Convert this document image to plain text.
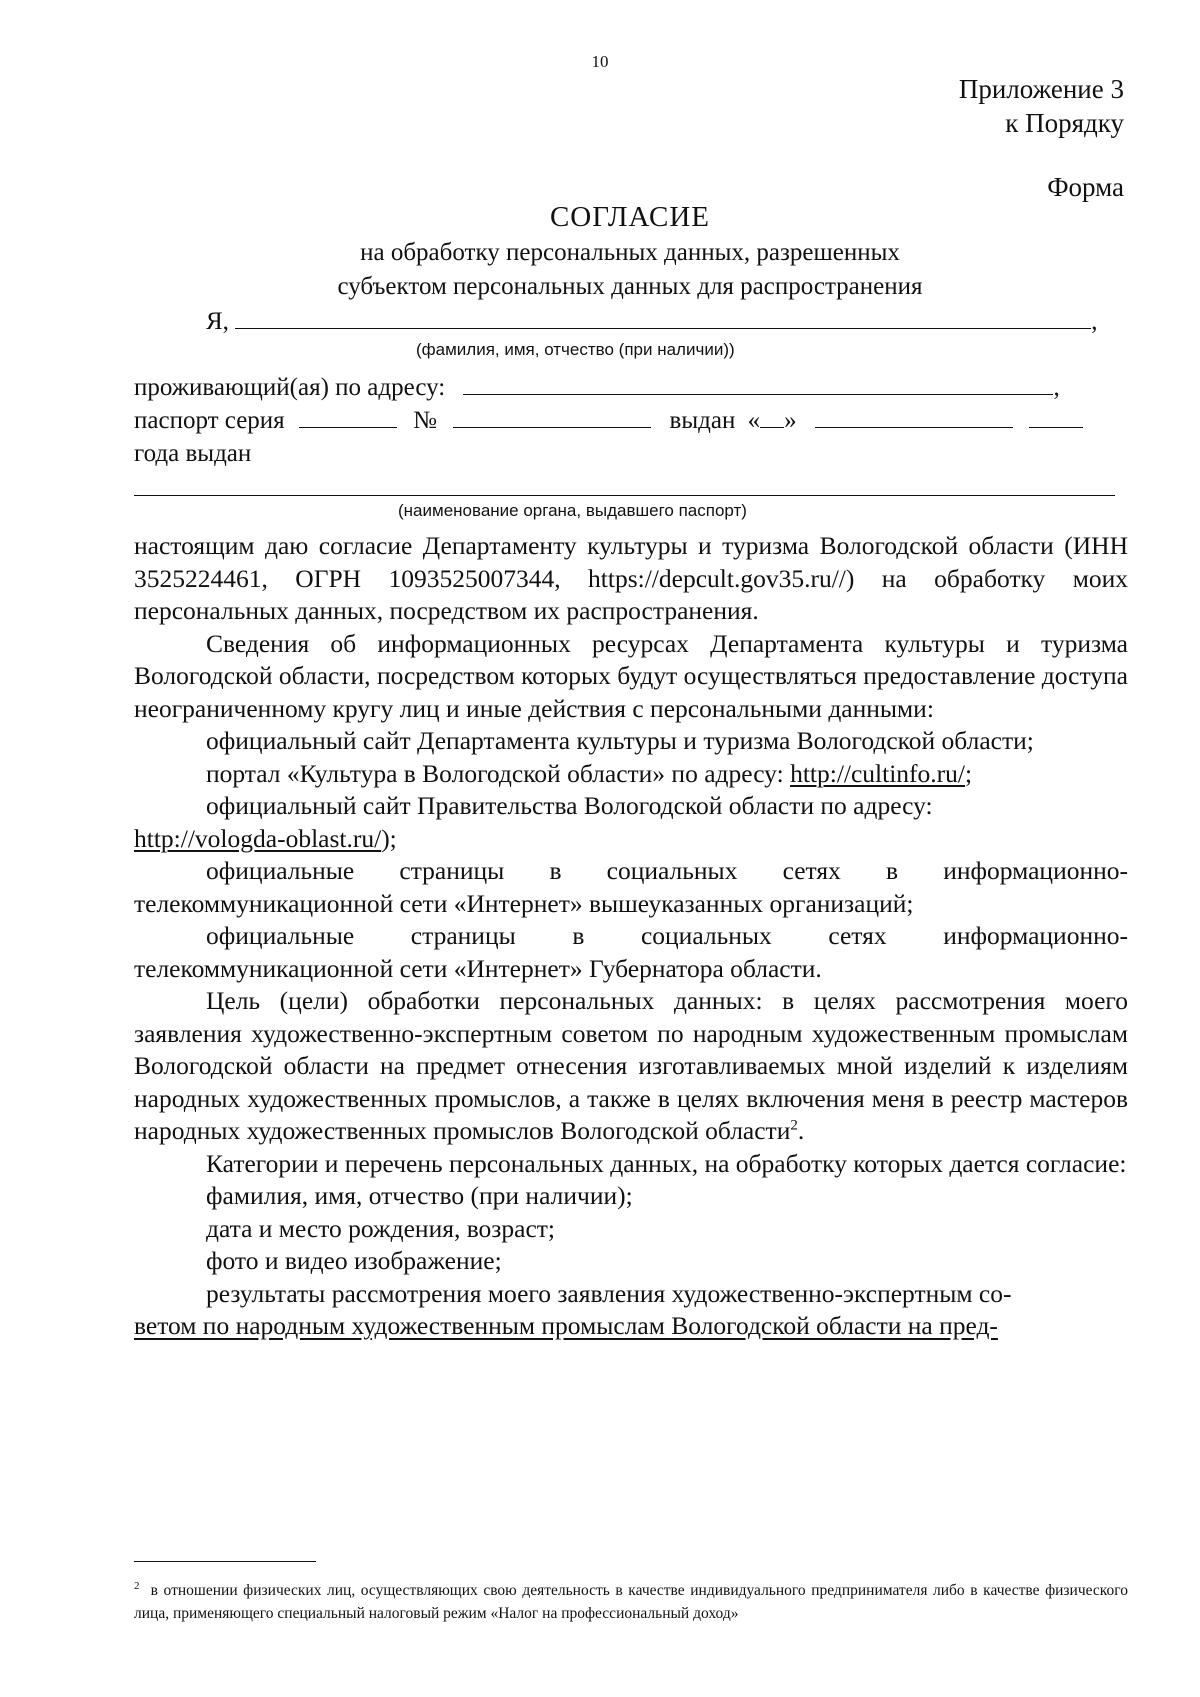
10
Приложение 3
к Порядку
Форма
СОГЛАСИЕ
на обработку персональных данных, разрешенных
субъектом персональных данных для распространения
Я,	,
(фамилия, имя, отчество (при наличии))
проживающий(ая) по адресу:	,
паспорт серия	№	выдан « »
года выдан
(наименование органа, выдавшего паспорт)

настоящим даю согласие Департаменту культуры и туризма Вологодской области (ИНН 3525224461, ОГРН 1093525007344, https://depcult.gov35.ru//) на обработку моих персональных данных, посредством их распространения.

Сведения об информационных ресурсах Департамента культуры и туризма Вологодской области, посредством которых будут осуществляться предоставление доступа неограниченному кругу лиц и иные действия с персональными данными:

официальный сайт Департамента культуры и туризма Вологодской области;

портал «Культура в Вологодской области» по адресу: http://cultinfo.ru/;

официальный сайт Правительства Вологодской области по адресу:

http://vologda-oblast.ru/);

официальные страницы в социальных сетях в информационно-телекоммуникационной сети «Интернет» вышеуказанных организаций;

официальные страницы в социальных сетях информационно-телекоммуникационной сети «Интернет» Губернатора области.

Цель (цели) обработки персональных данных: в целях рассмотрения моего заявления художественно-экспертным советом по народным художественным промыслам Вологодской области на предмет отнесения изготавливаемых мной изделий к изделиям народных художественных промыслов, а также в целях включения меня в реестр мастеров народных художественных промыслов Вологодской области$^2$.

Категории и перечень персональных данных, на обработку которых дается согласие:

фамилия, имя, отчество (при наличии);

дата и место рождения, возраст;

фото и видео изображение;

результаты рассмотрения моего заявления художественно-экспертным со-

ветом по народным художественным промыслам Вологодской области на пред-

$^2$ в отношении физических лиц, осуществляющих свою деятельность в качестве индивидуального предпринимателя либо в качестве физического лица, применяющего специальный налоговый режим «Налог на профессиональный доход»
